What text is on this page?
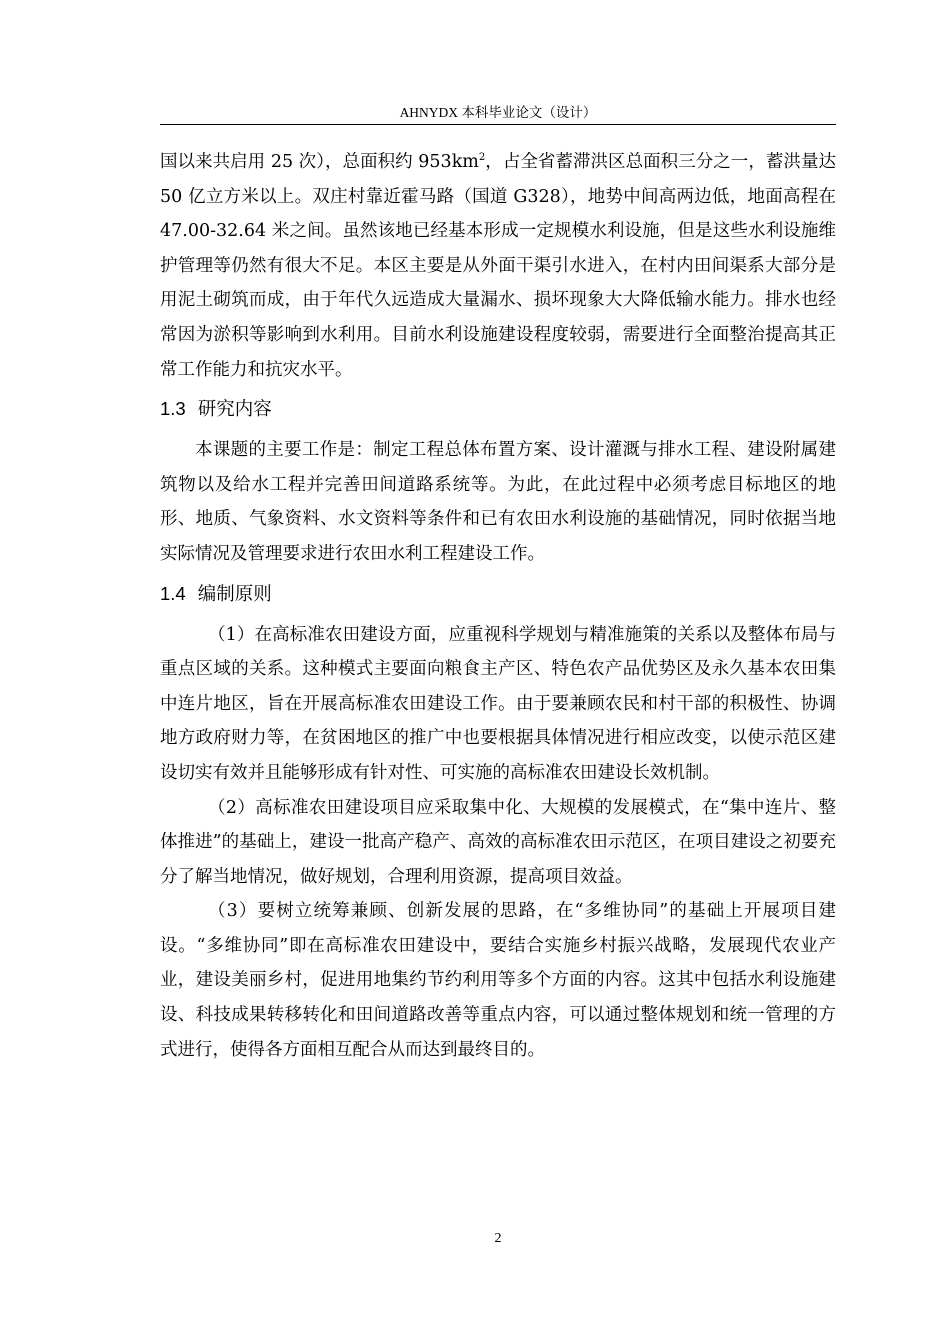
AHNYDX 本科毕业论文（设计）

国以来共启用 25 次），总面积约 $953km^2$，占全省蓄滞洪区总面积三分之一，蓄洪量达 50 亿立方米以上。双庄村靠近霍马路（国道 G328），地势中间高两边低，地面高程在 47.00-32.64 米之间。虽然该地已经基本形成一定规模水利设施，但是这些水利设施维护管理等仍然有很大不足。本区主要是从外面干渠引水进入，在村内田间渠系大部分是用泥土砌筑而成，由于年代久远造成大量漏水、损坏现象大大降低输水能力。排水也经常因为淤积等影响到水利用。目前水利设施建设程度较弱，需要进行全面整治提高其正常工作能力和抗灾水平。

1.3 研究内容

本课题的主要工作是：制定工程总体布置方案、设计灌溉与排水工程、建设附属建筑物以及给水工程并完善田间道路系统等。为此，在此过程中必须考虑目标地区的地形、地质、气象资料、水文资料等条件和已有农田水利设施的基础情况，同时依据当地实际情况及管理要求进行农田水利工程建设工作。

1.4 编制原则

（1）在高标准农田建设方面，应重视科学规划与精准施策的关系以及整体布局与重点区域的关系。这种模式主要面向粮食主产区、特色农产品优势区及永久基本农田集中连片地区，旨在开展高标准农田建设工作。由于要兼顾农民和村干部的积极性、协调地方政府财力等，在贫困地区的推广中也要根据具体情况进行相应改变，以使示范区建设切实有效并且能够形成有针对性、可实施的高标准农田建设长效机制。

（2）高标准农田建设项目应采取集中化、大规模的发展模式，在“集中连片、整体推进”的基础上，建设一批高产稳产、高效的高标准农田示范区，在项目建设之初要充分了解当地情况，做好规划，合理利用资源，提高项目效益。

（3）要树立统筹兼顾、创新发展的思路，在“多维协同”的基础上开展项目建设。“多维协同”即在高标准农田建设中，要结合实施乡村振兴战略，发展现代农业产业，建设美丽乡村，促进用地集约节约利用等多个方面的内容。这其中包括水利设施建设、科技成果转移转化和田间道路改善等重点内容，可以通过整体规划和统一管理的方式进行，使得各方面相互配合从而达到最终目的。

2
